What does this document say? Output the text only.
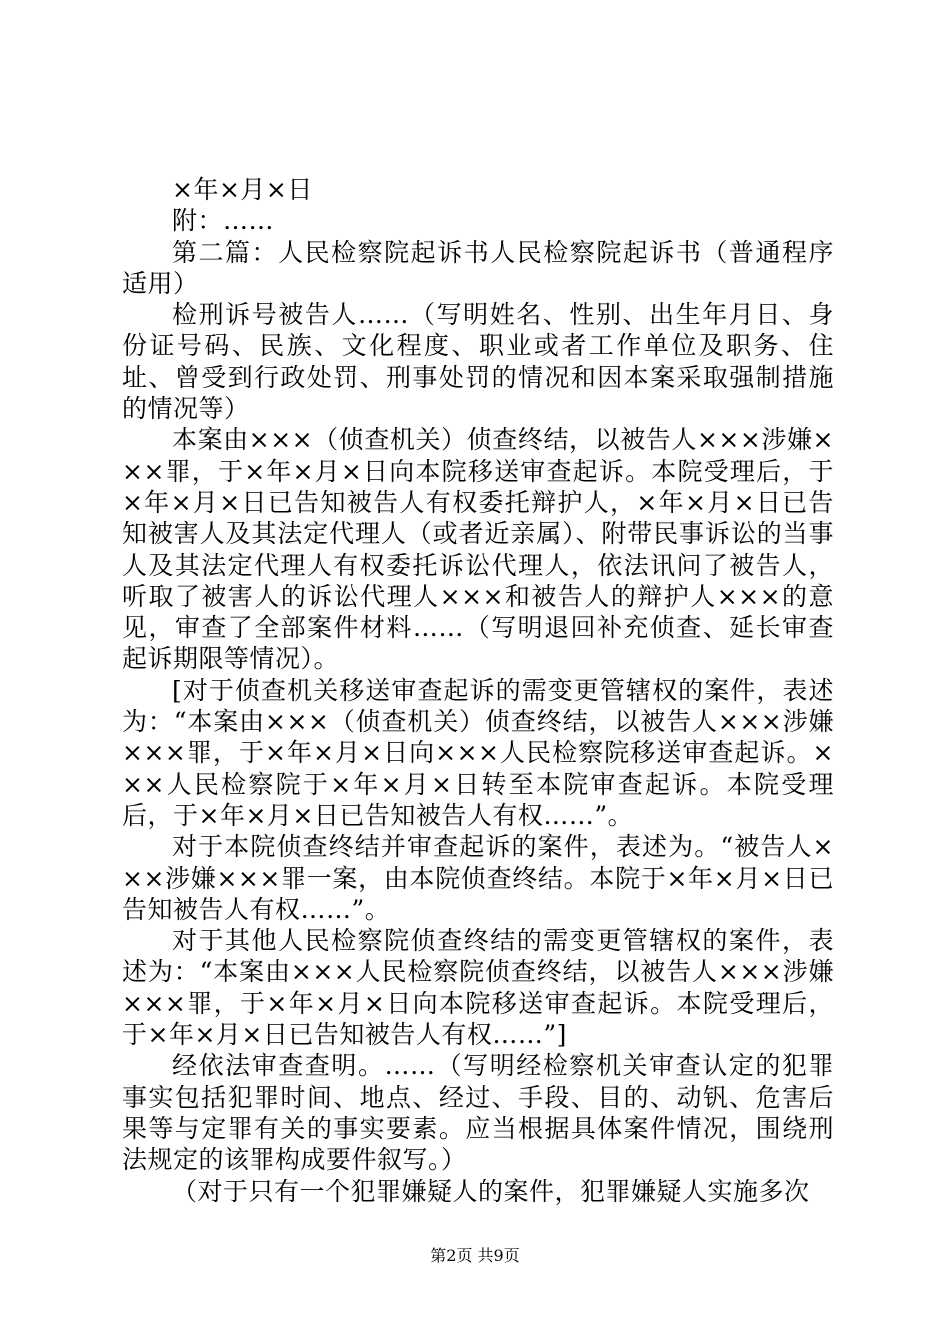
×年×月×日

附：……

第二篇：人民检察院起诉书人民检察院起诉书（普通程序适用）

检刑诉号被告人……（写明姓名、性别、出生年月日、身份证号码、民族、文化程度、职业或者工作单位及职务、住址、曾受到行政处罚、刑事处罚的情况和因本案采取强制措施的情况等）

本案由×××（侦查机关）侦查终结，以被告人×××涉嫌×××罪，于×年×月×日向本院移送审查起诉。本院受理后，于×年×月×日已告知被告人有权委托辩护人，×年×月×日已告知被害人及其法定代理人（或者近亲属）、附带民事诉讼的当事人及其法定代理人有权委托诉讼代理人，依法讯问了被告人，听取了被害人的诉讼代理人×××和被告人的辩护人×××的意见，审查了全部案件材料……（写明退回补充侦查、延长审查起诉期限等情况）。

[对于侦查机关移送审查起诉的需变更管辖权的案件，表述为：“本案由×××（侦查机关）侦查终结，以被告人×××涉嫌×××罪，于×年×月×日向×××人民检察院移送审查起诉。×××人民检察院于×年×月×日转至本院审查起诉。本院受理后，于×年×月×日已告知被告人有权……”。

对于本院侦查终结并审查起诉的案件，表述为。“被告人×××涉嫌×××罪一案，由本院侦查终结。本院于×年×月×日已告知被告人有权……”。

对于其他人民检察院侦查终结的需变更管辖权的案件，表述为：“本案由×××人民检察院侦查终结，以被告人×××涉嫌×××罪，于×年×月×日向本院移送审查起诉。本院受理后，于×年×月×日已告知被告人有权……”]

经依法审查查明。……（写明经检察机关审查认定的犯罪事实包括犯罪时间、地点、经过、手段、目的、动钒、危害后果等与定罪有关的事实要素。应当根据具体案件情况，围绕刑法规定的该罪构成要件叙写。）

（对于只有一个犯罪嫌疑人的案件，犯罪嫌疑人实施多次

第2页 共9页
